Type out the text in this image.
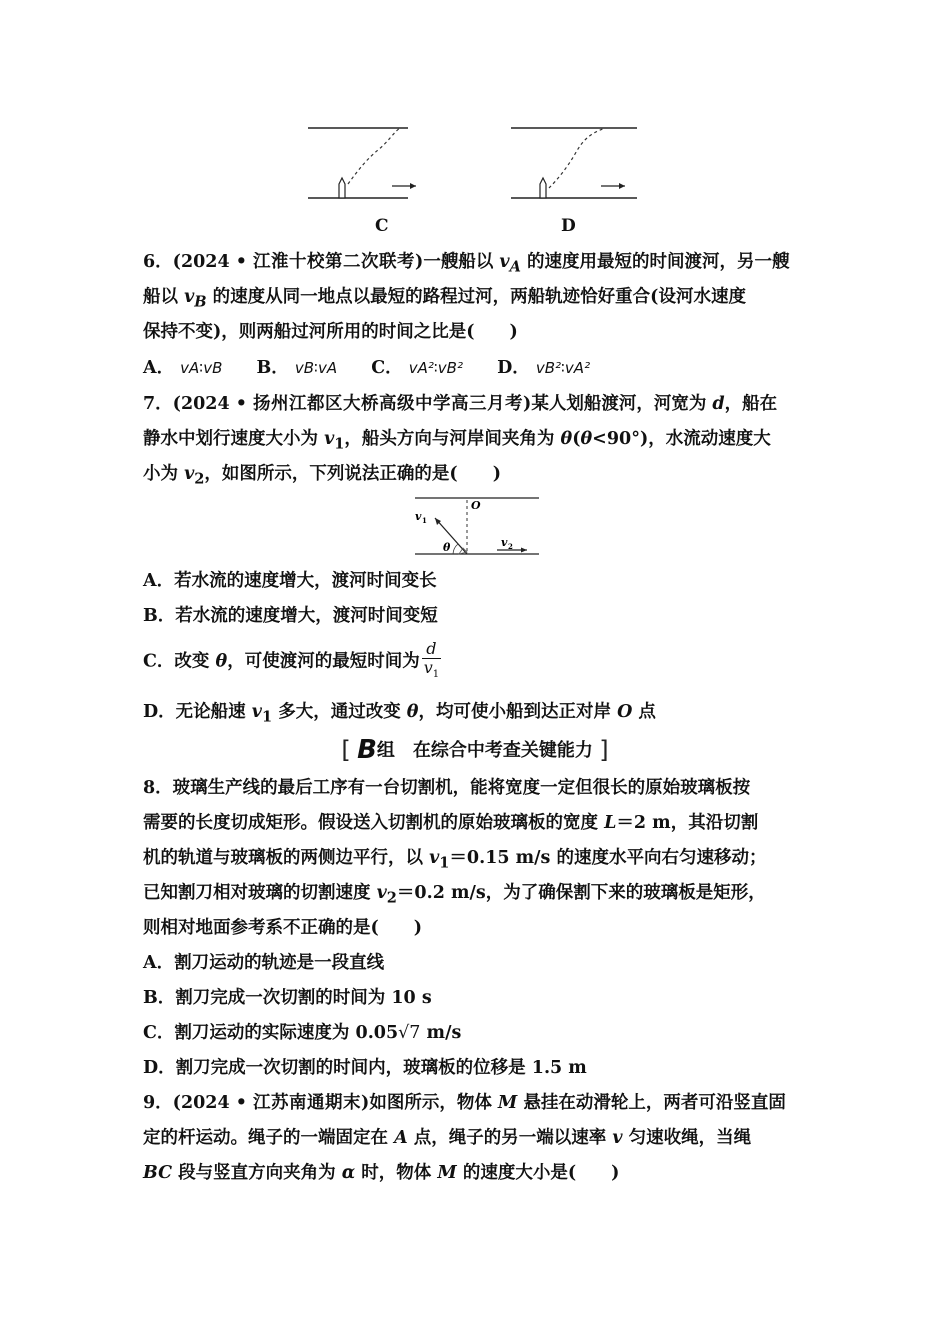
C	D
6．(2024 • 江淮十校第二次联考)一艘船以 $v_A$ 的速度用最短的时间渡河，另一艘
船以 $v_B$ 的速度从同一地点以最短的路程过河，两船轨迹恰好重合(设河水速度
保持不变)，则两船过河所用的时间之比是(　　)
A． vA∶vB B． vB∶vA C． vA²∶vB² D． vB²∶vA²
7．(2024 • 扬州江都区大桥高级中学高三月考)某人划船渡河，河宽为 d，船在
静水中划行速度大小为 $v_1$，船头方向与河岸间夹角为 θ(θ<90°)，水流动速度大
小为 $v_2$，如图所示，下列说法正确的是(　　)
O
v 1
v 2
θ
A．若水流的速度增大，渡河时间变长
B．若水流的速度增大，渡河时间变短
C．改变 θ，可使渡河的最短时间为 $\frac{d}{v_1}$
D．无论船速 $v_1$ 多大，通过改变 θ，均可使小船到达正对岸 O 点
[ B组　在综合中考查关键能力 ]
8．玻璃生产线的最后工序有一台切割机，能将宽度一定但很长的原始玻璃板按
需要的长度切成矩形。假设送入切割机的原始玻璃板的宽度 L＝2 m，其沿切割
机的轨道与玻璃板的两侧边平行，以 $v_1=0.15$ m/s 的速度水平向右匀速移动；
已知割刀相对玻璃的切割速度 $v_2=0.2$ m/s，为了确保割下来的玻璃板是矩形，
则相对地面参考系不正确的是(　　)
A．割刀运动的轨迹是一段直线
B．割刀完成一次切割的时间为 10 s
C．割刀运动的实际速度为 0.05√7 m/s
D．割刀完成一次切割的时间内，玻璃板的位移是 1.5 m
9．(2024 • 江苏南通期末)如图所示，物体 M 悬挂在动滑轮上，两者可沿竖直固
定的杆运动。绳子的一端固定在 A 点，绳子的另一端以速率 v 匀速收绳，当绳
BC 段与竖直方向夹角为 α 时，物体 M 的速度大小是(　　)
